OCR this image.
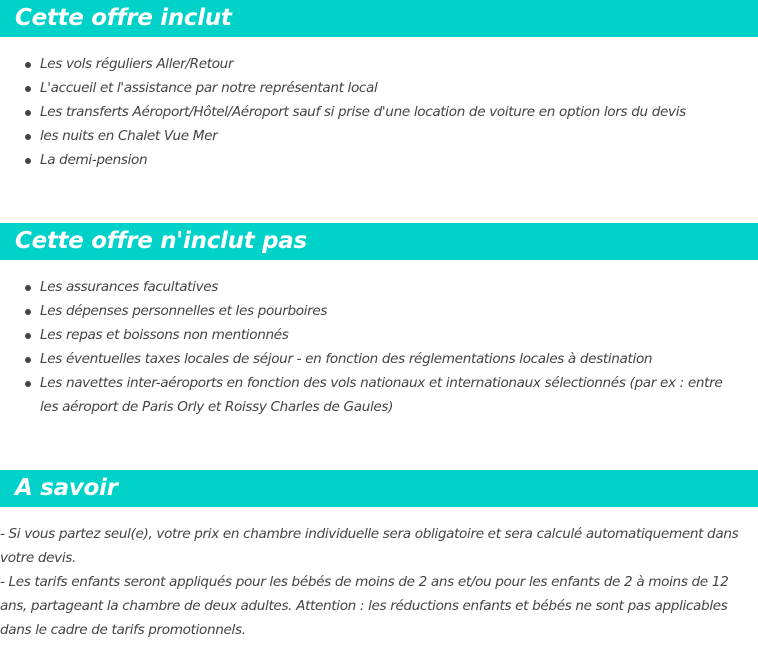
Cette offre inclut
Les vols réguliers Aller/Retour
L'accueil et l'assistance par notre représentant local
Les transferts Aéroport/Hôtel/Aéroport sauf si prise d'une location de voiture en option lors du devis
les nuits en Chalet Vue Mer
La demi-pension
Cette offre n'inclut pas
Les assurances facultatives
Les dépenses personnelles et les pourboires
Les repas et boissons non mentionnés
Les éventuelles taxes locales de séjour - en fonction des réglementations locales à destination
Les navettes inter-aéroports en fonction des vols nationaux et internationaux sélectionnés (par ex : entre les aéroport de Paris Orly et Roissy Charles de Gaules)
A savoir

- Si vous partez seul(e), votre prix en chambre individuelle sera obligatoire et sera calculé automatiquement dans votre devis.

- Les tarifs enfants seront appliqués pour les bébés de moins de 2 ans et/ou pour les enfants de 2 à moins de 12 ans, partageant la chambre de deux adultes. Attention : les réductions enfants et bébés ne sont pas applicables dans le cadre de tarifs promotionnels.
